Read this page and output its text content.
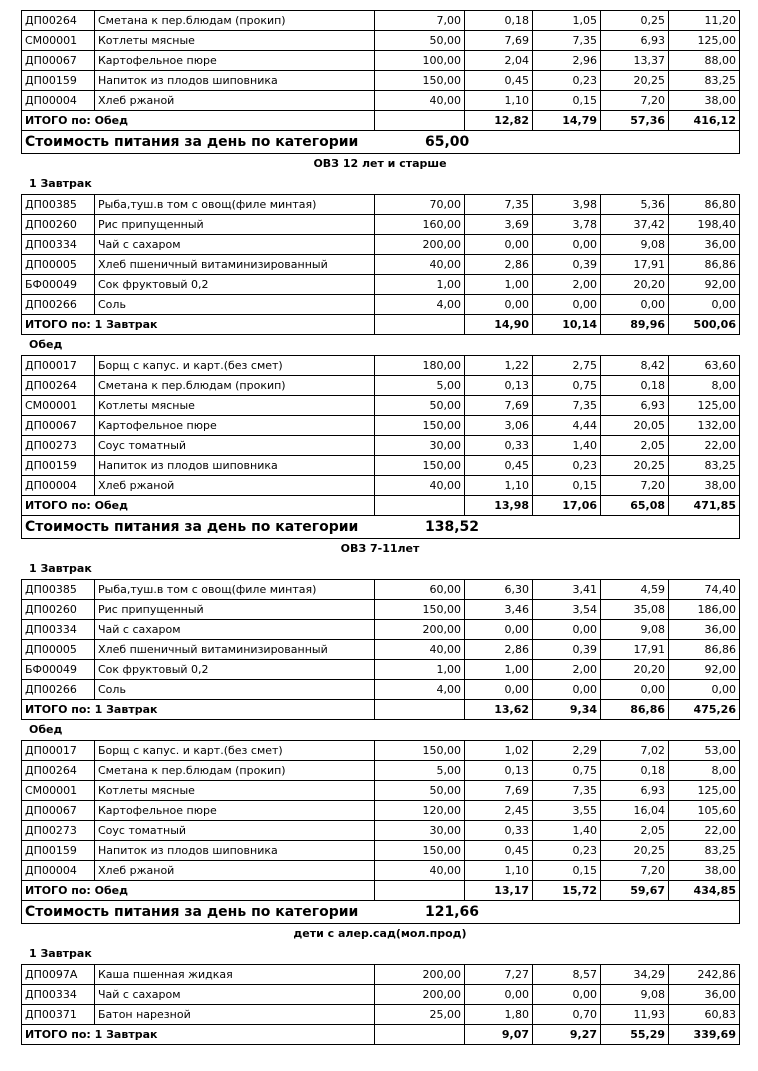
ДП00264	Сметана к пер.блюдам (прокип)	7,00	0,18	1,05	0,25	11,20
СМ00001	Котлеты мясные	50,00	7,69	7,35	6,93	125,00
ДП00067	Картофельное пюре	100,00	2,04	2,96	13,37	88,00
ДП00159	Напиток из плодов шиповника	150,00	0,45	0,23	20,25	83,25
ДП00004	Хлеб ржаной	40,00	1,10	0,15	7,20	38,00
ИТОГО по: Обед			12,82	14,79	57,36	416,12

Стоимость питания за день по категории 65,00						
ОВЗ 12 лет и старше
1 Завтрак
ДП00385	Рыба,туш.в том с овощ(филе минтая)	70,00	7,35	3,98	5,36	86,80
ДП00260	Рис припущенный	160,00	3,69	3,78	37,42	198,40
ДП00334	Чай с сахаром	200,00	0,00	0,00	9,08	36,00
ДП00005	Хлеб пшеничный витаминизированный	40,00	2,86	0,39	17,91	86,86
БФ00049	Сок фруктовый 0,2	1,00	1,00	2,00	20,20	92,00
ДП00266	Соль	4,00	0,00	0,00	0,00	0,00
ИТОГО по: 1 Завтрак			14,90	10,14	89,96	500,06
Обед
ДП00017	Борщ с капус. и карт.(без смет)	180,00	1,22	2,75	8,42	63,60
ДП00264	Сметана к пер.блюдам (прокип)	5,00	0,13	0,75	0,18	8,00
СМ00001	Котлеты мясные	50,00	7,69	7,35	6,93	125,00
ДП00067	Картофельное пюре	150,00	3,06	4,44	20,05	132,00
ДП00273	Соус томатный	30,00	0,33	1,40	2,05	22,00
ДП00159	Напиток из плодов шиповника	150,00	0,45	0,23	20,25	83,25
ДП00004	Хлеб ржаной	40,00	1,10	0,15	7,20	38,00
ИТОГО по: Обед			13,98	17,06	65,08	471,85

Стоимость питания за день по категории 138,52						
ОВЗ 7-11лет
1 Завтрак
ДП00385	Рыба,туш.в том с овощ(филе минтая)	60,00	6,30	3,41	4,59	74,40
ДП00260	Рис припущенный	150,00	3,46	3,54	35,08	186,00
ДП00334	Чай с сахаром	200,00	0,00	0,00	9,08	36,00
ДП00005	Хлеб пшеничный витаминизированный	40,00	2,86	0,39	17,91	86,86
БФ00049	Сок фруктовый 0,2	1,00	1,00	2,00	20,20	92,00
ДП00266	Соль	4,00	0,00	0,00	0,00	0,00
ИТОГО по: 1 Завтрак			13,62	9,34	86,86	475,26
Обед
ДП00017	Борщ с капус. и карт.(без смет)	150,00	1,02	2,29	7,02	53,00
ДП00264	Сметана к пер.блюдам (прокип)	5,00	0,13	0,75	0,18	8,00
СМ00001	Котлеты мясные	50,00	7,69	7,35	6,93	125,00
ДП00067	Картофельное пюре	120,00	2,45	3,55	16,04	105,60
ДП00273	Соус томатный	30,00	0,33	1,40	2,05	22,00
ДП00159	Напиток из плодов шиповника	150,00	0,45	0,23	20,25	83,25
ДП00004	Хлеб ржаной	40,00	1,10	0,15	7,20	38,00
ИТОГО по: Обед			13,17	15,72	59,67	434,85

Стоимость питания за день по категории 121,66						
дети с алер.сад(мол.прод)
1 Завтрак
ДП0097А	Каша пшенная жидкая	200,00	7,27	8,57	34,29	242,86
ДП00334	Чай с сахаром	200,00	0,00	0,00	9,08	36,00
ДП00371	Батон нарезной	25,00	1,80	0,70	11,93	60,83
ИТОГО по: 1 Завтрак			9,07	9,27	55,29	339,69
